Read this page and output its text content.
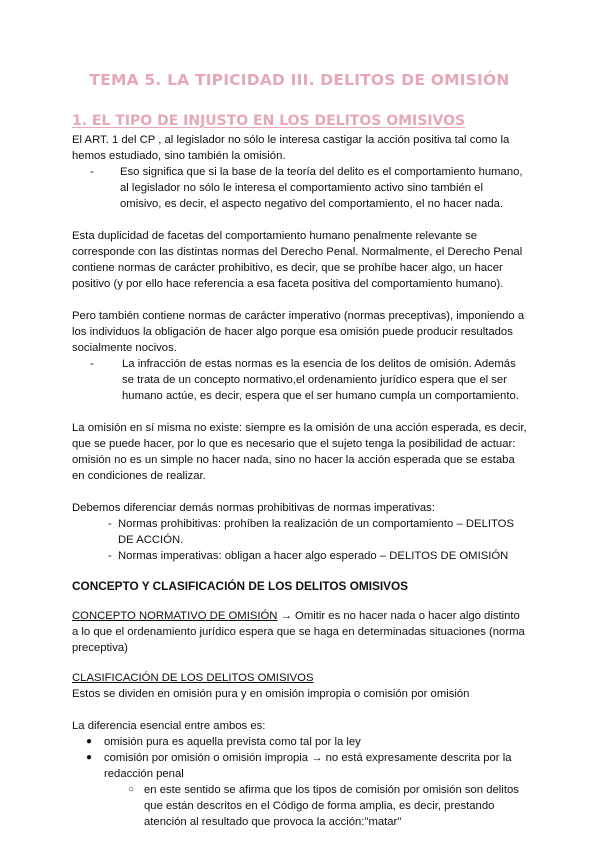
TEMA 5. LA TIPICIDAD III. DELITOS DE OMISIÓN
1. EL TIPO DE INJUSTO EN LOS DELITOS OMISIVOS

El ART. 1 del CP , al legislador no sólo le interesa castigar la acción positiva tal como la hemos estudiado, sino también la omisión.

-	Eso significa que si la base de la teoría del delito es el comportamiento humano, al legislador no sólo le interesa el comportamiento activo sino también el omisivo, es decir, el aspecto negativo del comportamiento, el no hacer nada.

Esta duplicidad de facetas del comportamiento humano penalmente relevante se corresponde con las distintas normas del Derecho Penal. Normalmente, el Derecho Penal contiene normas de carácter prohibitivo, es decir, que se prohíbe hacer algo, un hacer positivo (y por ello hace referencia a esa faceta positiva del comportamiento humano).

Pero también contiene normas de carácter imperativo (normas preceptivas), imponiendo a los individuos la obligación de hacer algo porque esa omisión puede producir resultados socialmente nocivos.

-	La infracción de estas normas es la esencia de los delitos de omisión. Además se trata de un concepto normativo,el ordenamiento jurídico espera que el ser humano actúe, es decir, espera que el ser humano cumpla un comportamiento.

La omisión en sí misma no existe: siempre es la omisión de una acción esperada, es decir, que se puede hacer, por lo que es necesario que el sujeto tenga la posibilidad de actuar: omisión no es un simple no hacer nada, sino no hacer la acción esperada que se estaba en condiciones de realizar.

Debemos diferenciar demás normas prohibitivas de normas imperativas:

- Normas prohibitivas: prohíben la realización de un comportamiento – DELITOS DE ACCIÓN.
- Normas imperativas: obligan a hacer algo esperado – DELITOS DE OMISIÓN

CONCEPTO Y CLASIFICACIÓN DE LOS DELITOS OMISIVOS

CONCEPTO NORMATIVO DE OMISIÓN → Omitir es no hacer nada o hacer algo distinto a lo que el ordenamiento jurídico espera que se haga en determinadas situaciones (norma preceptiva)

CLASIFICACIÓN DE LOS DELITOS OMISIVOS

Estos se dividen en omisión pura y en omisión impropia o comisión por omisión

La diferencia esencial entre ambos es:

●	omisión pura es aquella prevista como tal por la ley
●	comisión por omisión o omisión impropia → no está expresamente descrita por la redacción penal
○ en este sentido se afirma que los tipos de comisión por omisión son delitos que están descritos en el Código de forma amplia, es decir, prestando atención al resultado que provoca la acción:"matar"
